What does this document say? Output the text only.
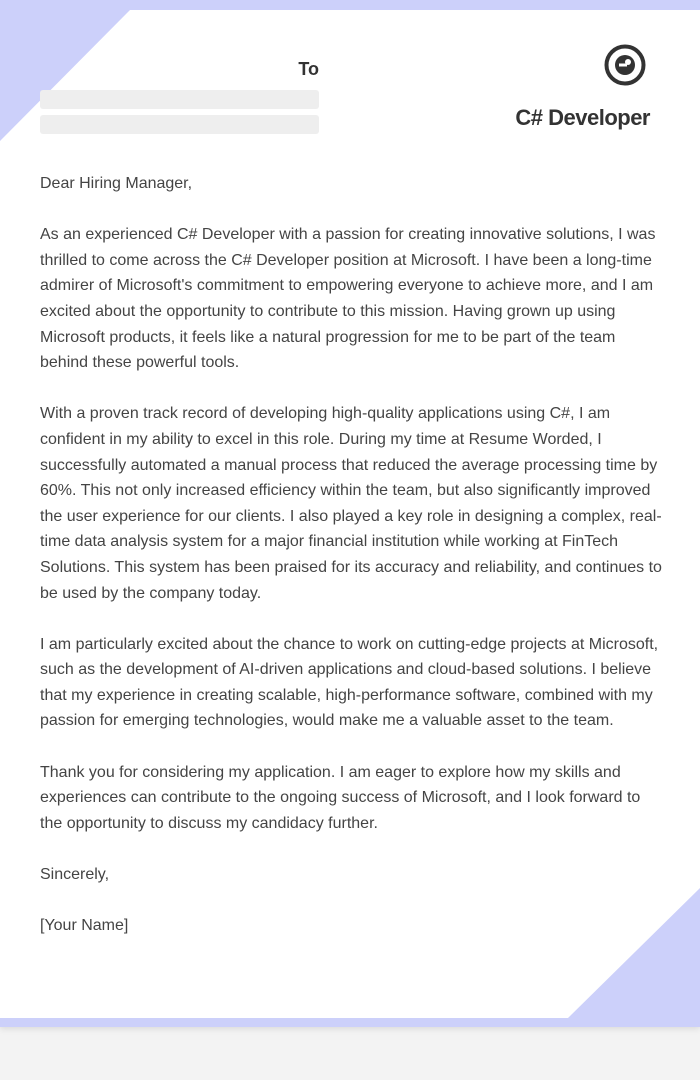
To
C# Developer

Dear Hiring Manager,

As an experienced C# Developer with a passion for creating innovative solutions, I was thrilled to come across the C# Developer position at Microsoft. I have been a long-time admirer of Microsoft's commitment to empowering everyone to achieve more, and I am excited about the opportunity to contribute to this mission. Having grown up using Microsoft products, it feels like a natural progression for me to be part of the team behind these powerful tools.

With a proven track record of developing high-quality applications using C#, I am confident in my ability to excel in this role. During my time at Resume Worded, I successfully automated a manual process that reduced the average processing time by 60%. This not only increased efficiency within the team, but also significantly improved the user experience for our clients. I also played a key role in designing a complex, real-time data analysis system for a major financial institution while working at FinTech Solutions. This system has been praised for its accuracy and reliability, and continues to be used by the company today.

I am particularly excited about the chance to work on cutting-edge projects at Microsoft, such as the development of AI-driven applications and cloud-based solutions. I believe that my experience in creating scalable, high-performance software, combined with my passion for emerging technologies, would make me a valuable asset to the team.

Thank you for considering my application. I am eager to explore how my skills and experiences can contribute to the ongoing success of Microsoft, and I look forward to the opportunity to discuss my candidacy further.

Sincerely,

[Your Name]
